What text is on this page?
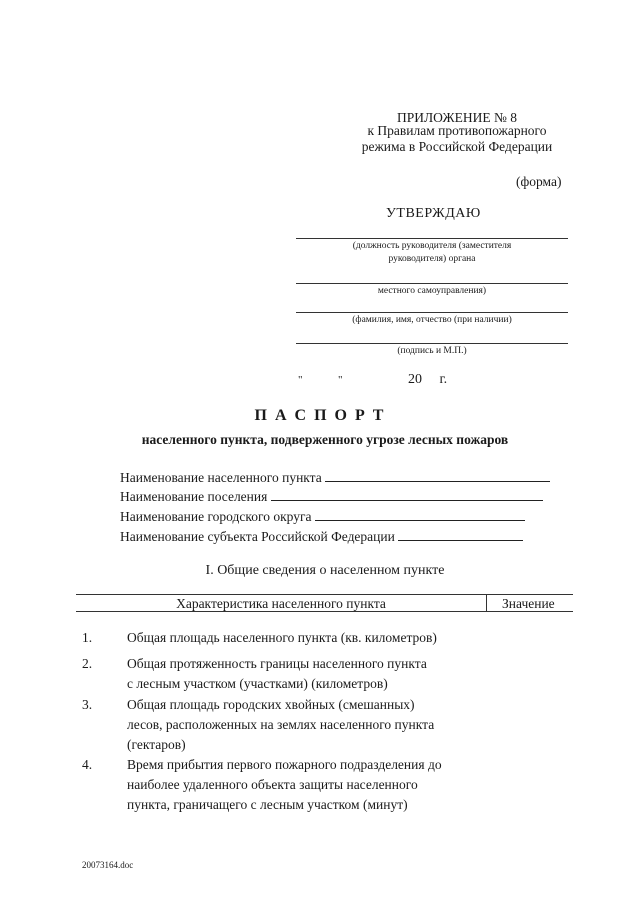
ПРИЛОЖЕНИЕ № 8
к Правилам противопожарного
режима в Российской Федерации
(форма)
УТВЕРЖДАЮ
(должность руководителя (заместителя
руководителя) органа
местного самоуправления)
(фамилия, имя, отчество (при наличии)
(подпись и М.П.)
"	"	20     г.
П А С П О Р Т
населенного пункта, подверженного угрозе лесных пожаров
Наименование населенного пункта
Наименование поселения
Наименование городского округа
Наименование субъекта Российской Федерации
I. Общие сведения о населенном пункте
Характеристика населенного пункта	Значение
1.	Общая площадь населенного пункта (кв. километров)
2.	Общая протяженность границы населенного пункта
с лесным участком (участками) (километров)
3.	Общая площадь городских хвойных (смешанных)
лесов, расположенных на землях населенного пункта
(гектаров)
4.	Время прибытия первого пожарного подразделения до
наиболее удаленного объекта защиты населенного
пункта, граничащего с лесным участком (минут)
20073164.doc
